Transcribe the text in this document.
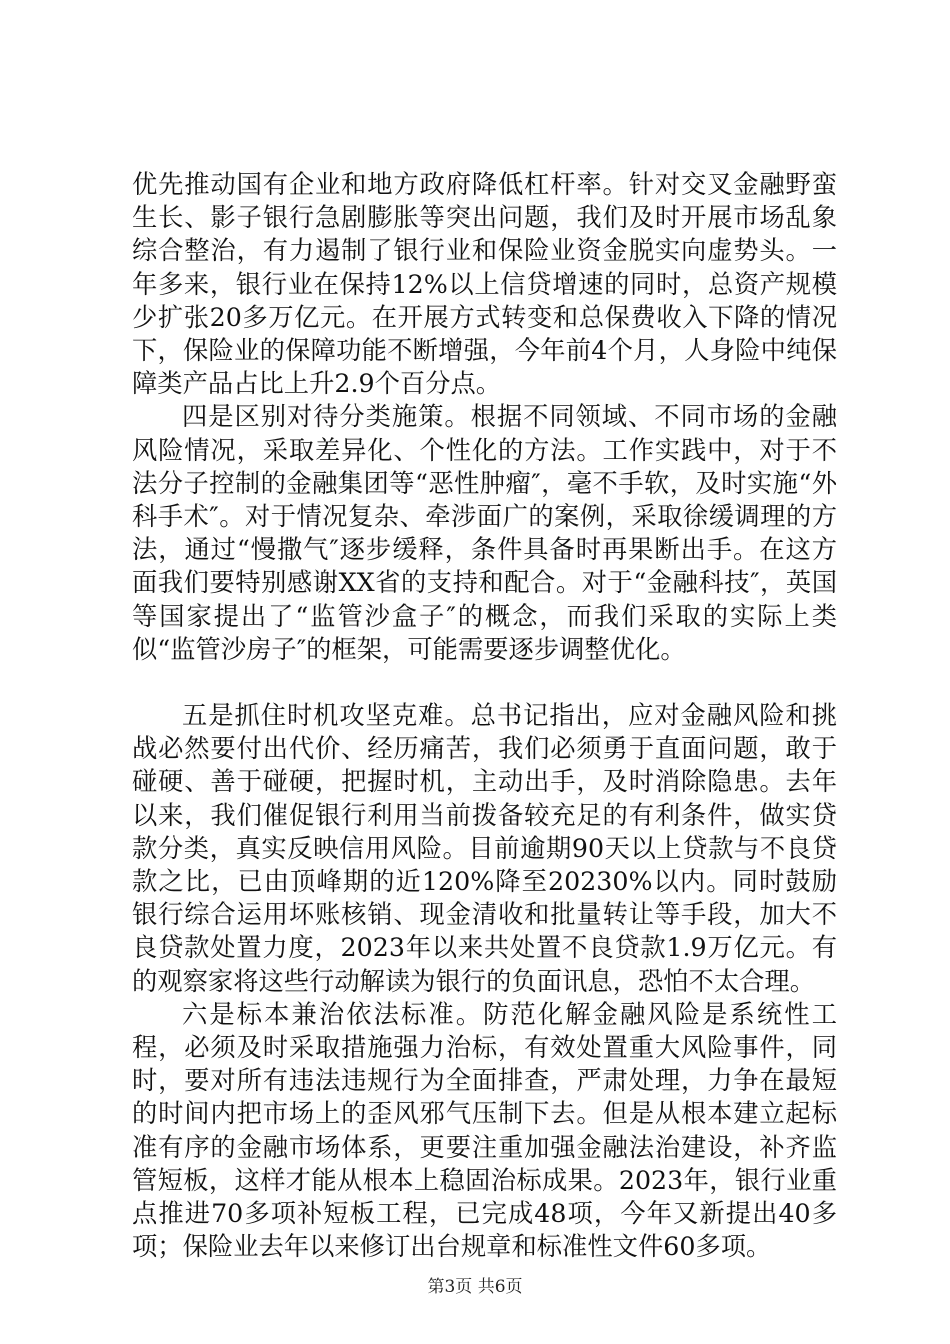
优先推动国有企业和地方政府降低杠杆率。针对交叉金融野蛮生长、影子银行急剧膨胀等突出问题，我们及时开展市场乱象综合整治，有力遏制了银行业和保险业资金脱实向虚势头。一年多来，银行业在保持12%以上信贷增速的同时，总资产规模少扩张20多万亿元。在开展方式转变和总保费收入下降的情况下，保险业的保障功能不断增强，今年前4个月，人身险中纯保障类产品占比上升2.9个百分点。

四是区别对待分类施策。根据不同领域、不同市场的金融风险情况，采取差异化、个性化的方法。工作实践中，对于不法分子控制的金融集团等“恶性肿瘤″，毫不手软，及时实施“外科手术″。对于情况复杂、牵涉面广的案例，采取徐缓调理的方法，通过“慢撒气″逐步缓释，条件具备时再果断出手。在这方面我们要特别感谢XX省的支持和配合。对于“金融科技″，英国等国家提出了“监管沙盒子″的概念，而我们采取的实际上类似“监管沙房子″的框架，可能需要逐步调整优化。

五是抓住时机攻坚克难。总书记指出，应对金融风险和挑战必然要付出代价、经历痛苦，我们必须勇于直面问题，敢于碰硬、善于碰硬，把握时机，主动出手，及时消除隐患。去年以来，我们催促银行利用当前拨备较充足的有利条件，做实贷款分类，真实反映信用风险。目前逾期90天以上贷款与不良贷款之比，已由顶峰期的近120%降至20230%以内。同时鼓励银行综合运用坏账核销、现金清收和批量转让等手段，加大不良贷款处置力度，2023年以来共处置不良贷款1.9万亿元。有的观察家将这些行动解读为银行的负面讯息，恐怕不太合理。

六是标本兼治依法标准。防范化解金融风险是系统性工程，必须及时采取措施强力治标，有效处置重大风险事件，同时，要对所有违法违规行为全面排查，严肃处理，力争在最短的时间内把市场上的歪风邪气压制下去。但是从根本建立起标准有序的金融市场体系，更要注重加强金融法治建设，补齐监管短板，这样才能从根本上稳固治标成果。2023年，银行业重点推进70多项补短板工程，已完成48项，今年又新提出40多项；保险业去年以来修订出台规章和标准性文件60多项。

第3页 共6页
